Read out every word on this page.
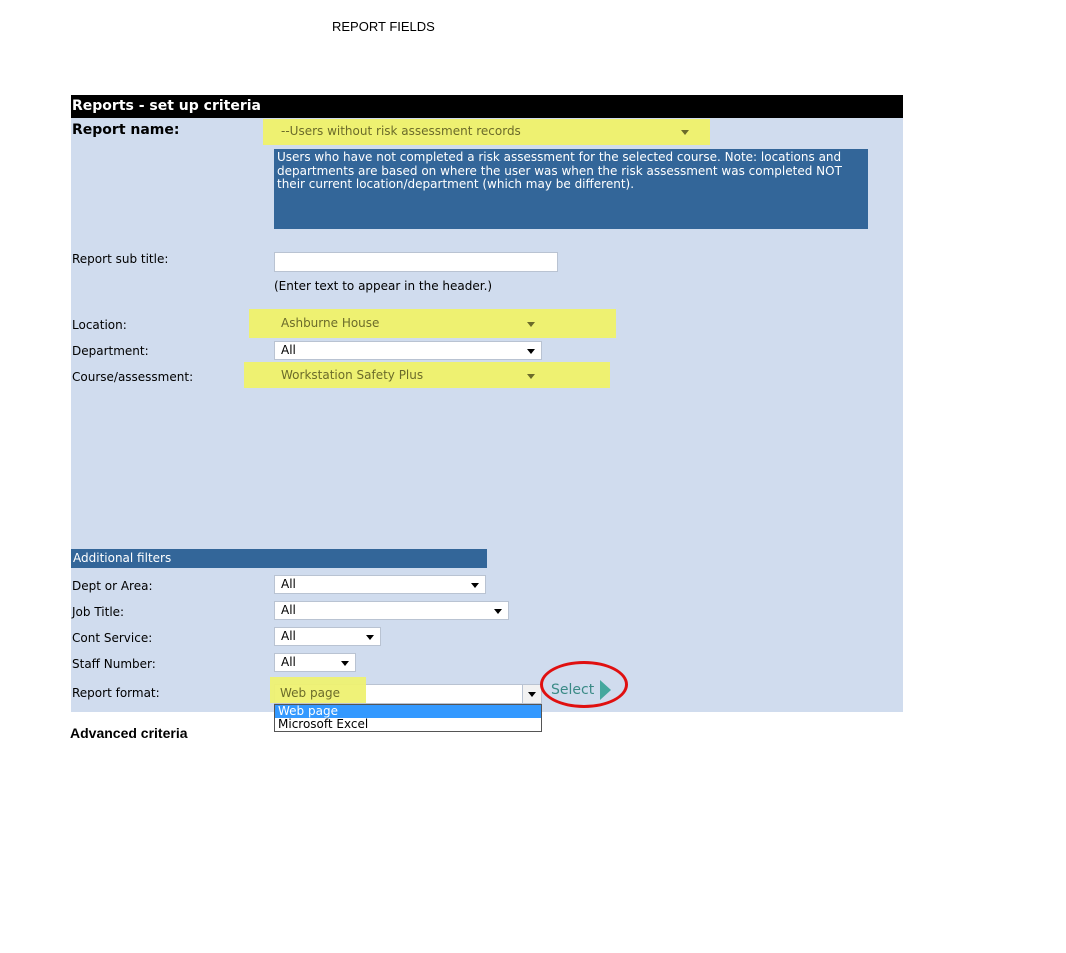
REPORT FIELDS
Reports - set up criteria
Report name:	--Users without risk assessment records
Users who have not completed a risk assessment for the selected course. Note: locations and departments are based on where the user was when the risk assessment was completed NOT their current location/department (which may be different).
Report sub title:
(Enter text to appear in the header.)
Location:	Ashburne House
Department:	All
Course/assessment:	Workstation Safety Plus
Additional filters
Dept or Area:	All
Job Title:	All
Cont Service:	All
Staff Number:	All
Report format:	Web page
Web page
Microsoft Excel
Select
Advanced criteria
